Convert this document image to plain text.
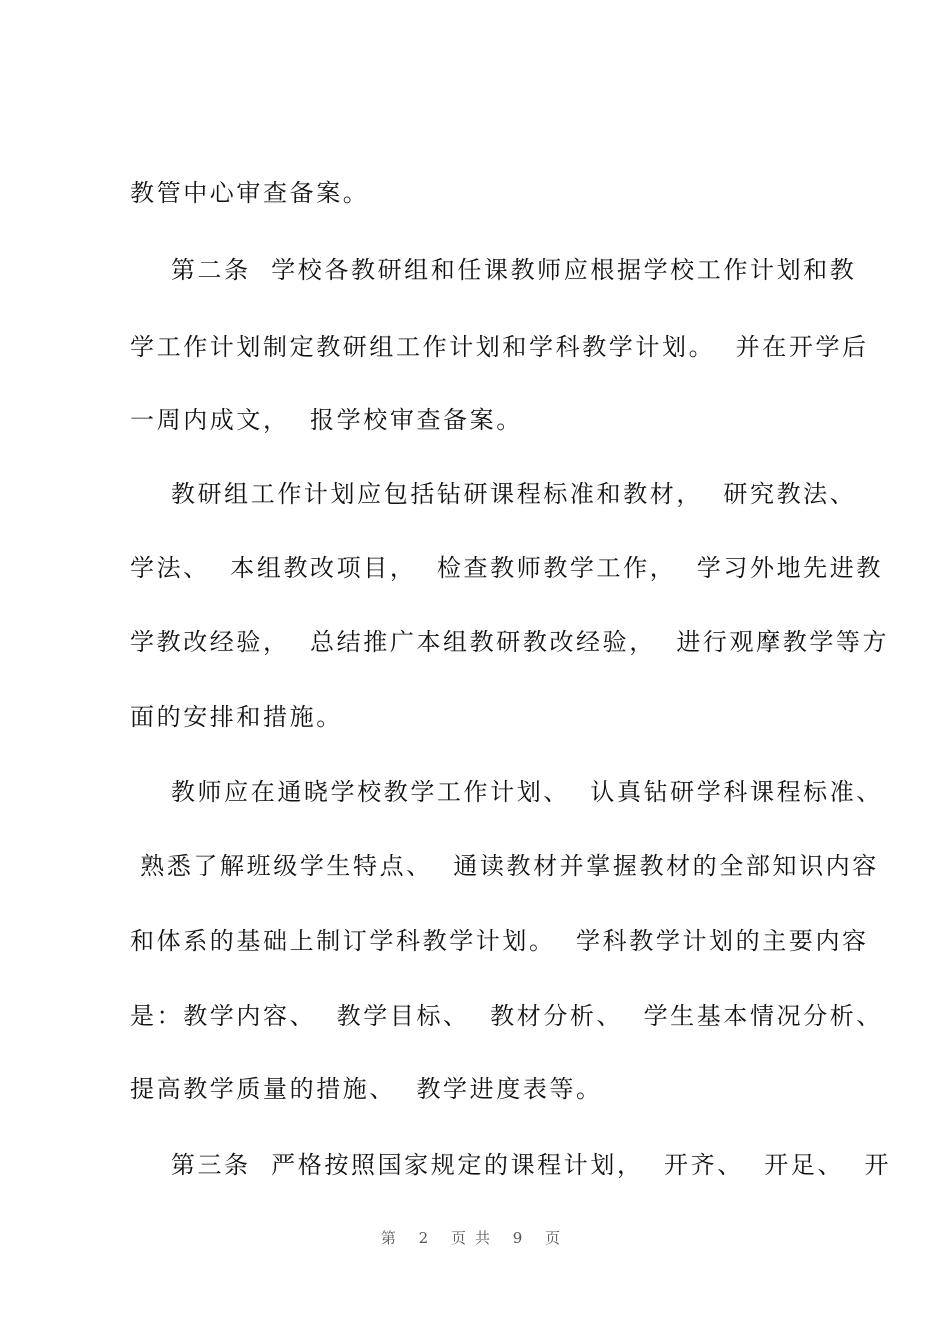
教管中心审查备案。
第二条  学校各教研组和任课教师应根据学校工作计划和教
学工作计划制定教研组工作计划和学科教学计划。  并在开学后
一周内成文，  报学校审查备案。
教研组工作计划应包括钻研课程标准和教材，  研究教法、
学法、  本组教改项目，  检查教师教学工作，  学习外地先进教
学教改经验，  总结推广本组教研教改经验，  进行观摩教学等方
面的安排和措施。
教师应在通晓学校教学工作计划、  认真钻研学科课程标准、
熟悉了解班级学生特点、  通读教材并掌握教材的全部知识内容
和体系的基础上制订学科教学计划。  学科教学计划的主要内容
是：教学内容、  教学目标、  教材分析、  学生基本情况分析、
提高教学质量的措施、  教学进度表等。
第三条  严格按照国家规定的课程计划，  开齐、  开足、  开
第 2 页共 9 页
